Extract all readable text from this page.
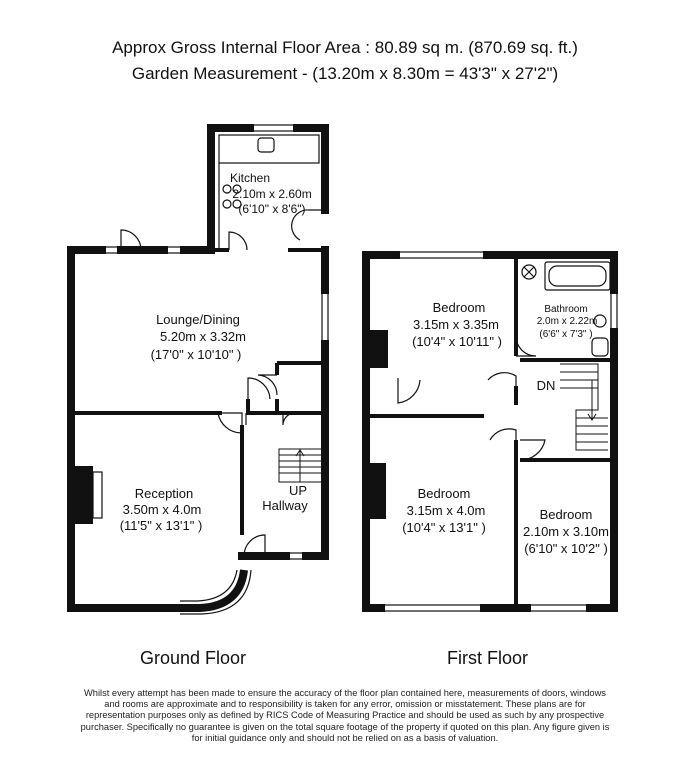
Approx Gross Internal Floor Area : 80.89 sq m. (870.69 sq. ft.)
Garden Measurement - (13.20m x 8.30m = 43'3" x 27'2")
Kitchen
2.10m x 2.60m
(6'10" x 8'6")
Lounge/Dining
5.20m x 3.32m
(17'0" x 10'10" )
Reception
3.50m x 4.0m
(11'5" x 13'1" )
UP
Hallway
Bedroom
3.15m x 3.35m
(10'4" x 10'11" )
DN
Bedroom
3.15m x 4.0m
(10'4" x 13'1" )
Bedroom
2.10m x 3.10m
(6'10" x 10'2" )
Bathroom
2.0m x 2.22m
(6'6" x 7'3" )
Ground Floor	First Floor
Whilst every attempt has been made to ensure the accuracy of the floor plan contained here, measurements of doors, windows and rooms are approximate and to responsibility is taken for any error, omission or misstatement. These plans are for representation purposes only as defined by RICS Code of Measuring Practice and should be used as such by any prospective purchaser. Specifically no guarantee is given on the total square footage of the property if quoted on this plan. Any figure given is for initial guidance only and should not be relied on as a basis of valuation.
